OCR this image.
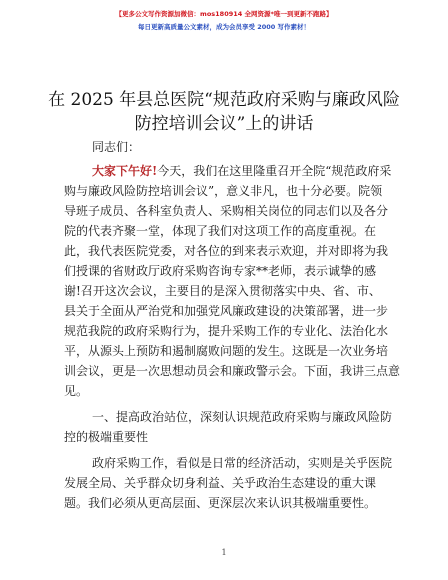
【更多公文写作资源加微信：mos180914 全网资源*唯一到更新不跑路】
每日更新高质量公文素材，成为会员享受 2000 写作素材！
在 2025 年县总医院“规范政府采购与廉政风险
防控培训会议”上的讲话
同志们：
大家下午好!今天，我们在这里隆重召开全院“规范政府采
购与廉政风险防控培训会议”，意义非凡，也十分必要。院领
导班子成员、各科室负责人、采购相关岗位的同志们以及各分
院的代表齐聚一堂，体现了我们对这项工作的高度重视。在
此，我代表医院党委，对各位的到来表示欢迎，并对即将为我
们授课的省财政厅政府采购咨询专家**老师，表示诚挚的感
谢!召开这次会议，主要目的是深入贯彻落实中央、省、市、
县关于全面从严治党和加强党风廉政建设的决策部署，进一步
规范我院的政府采购行为，提升采购工作的专业化、法治化水
平，从源头上预防和遏制腐败问题的发生。这既是一次业务培
训会议，更是一次思想动员会和廉政警示会。下面，我讲三点意
见。
一、提高政治站位，深刻认识规范政府采购与廉政风险防
控的极端重要性
政府采购工作，看似是日常的经济活动，实则是关乎医院
发展全局、关乎群众切身利益、关乎政治生态建设的重大课
题。我们必须从更高层面、更深层次来认识其极端重要性。
1
